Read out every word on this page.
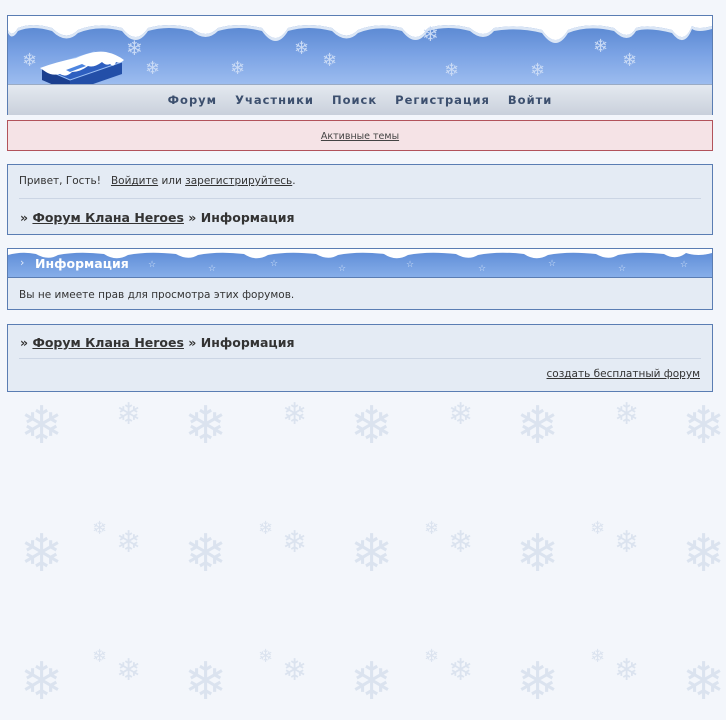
❄ ❄ ❄ ❄ ❄ ❄ ❄ ❄ ❄
❄	❄	❄	❄
❄ ❄ ❄ ❄ ❄ ❄ ❄ ❄ ❄
❄	❄	❄	❄
❄ ❄ ❄ ❄ ❄ ❄ ❄ ❄ ❄
❄
❄	❄	❄
❄
❄
❄
❄	❄
❄
❄
Форум Участники Поиск Регистрация Войти
Активные темы
Привет, Гость! Войдите или зарегистрируйтесь.
» Форум Клана Heroes » Информация
› Информация ☆	☆	☆	☆	☆	☆	☆	☆	☆
Вы не имеете прав для просмотра этих форумов.
» Форум Клана Heroes » Информация
создать бесплатный форум
